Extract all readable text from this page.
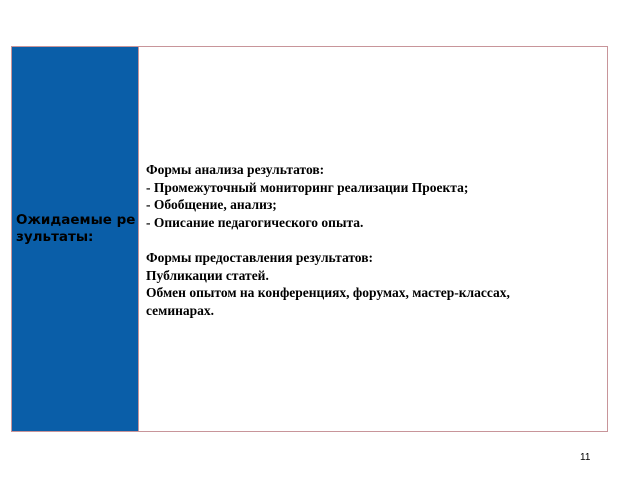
Ожидаемые результаты:
Формы анализа результатов:
- Промежуточный мониторинг реализации Проекта;
- Обобщение, анализ;
- Описание педагогического опыта.
Формы предоставления результатов:
Публикации статей.
Обмен опытом на конференциях, форумах, мастер-классах,
семинарах.
11
